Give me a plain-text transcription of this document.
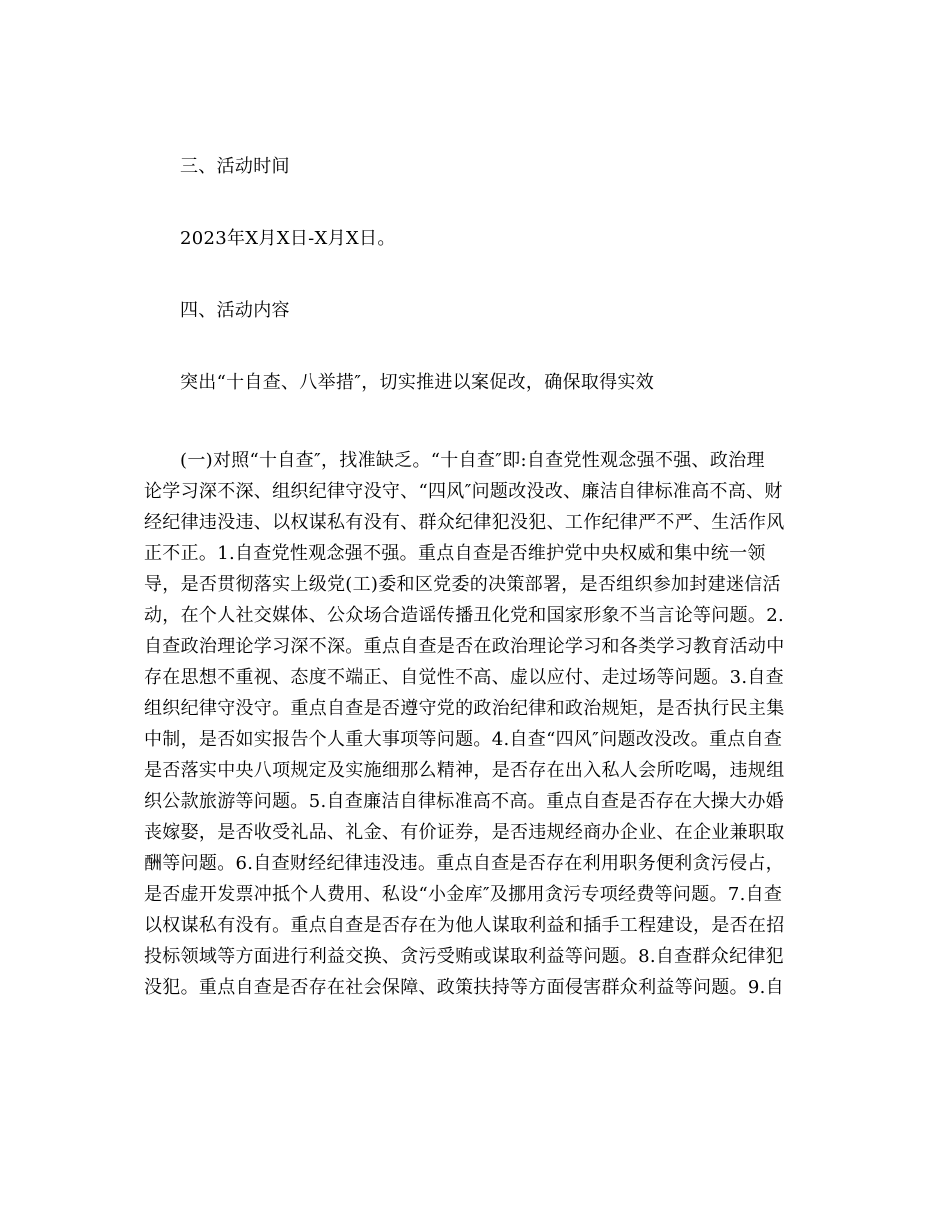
三、活动时间
2023年X月X日-X月X日。
四、活动内容
突出“十自查、八举措″，切实推进以案促改，确保取得实效
(一)对照“十自查″，找准缺乏。“十自查″即:自查党性观念强不强、政治理
论学习深不深、组织纪律守没守、“四风″问题改没改、廉洁自律标准高不高、财
经纪律违没违、以权谋私有没有、群众纪律犯没犯、工作纪律严不严、生活作风
正不正。1.自查党性观念强不强。重点自查是否维护党中央权威和集中统一领
导，是否贯彻落实上级党(工)委和区党委的决策部署，是否组织参加封建迷信活
动，在个人社交媒体、公众场合造谣传播丑化党和国家形象不当言论等问题。2.
自查政治理论学习深不深。重点自查是否在政治理论学习和各类学习教育活动中
存在思想不重视、态度不端正、自觉性不高、虚以应付、走过场等问题。3.自查
组织纪律守没守。重点自查是否遵守党的政治纪律和政治规矩，是否执行民主集
中制，是否如实报告个人重大事项等问题。4.自查“四风″问题改没改。重点自查
是否落实中央八项规定及实施细那么精神，是否存在出入私人会所吃喝，违规组
织公款旅游等问题。5.自查廉洁自律标准高不高。重点自查是否存在大操大办婚
丧嫁娶，是否收受礼品、礼金、有价证券，是否违规经商办企业、在企业兼职取
酬等问题。6.自查财经纪律违没违。重点自查是否存在利用职务便利贪污侵占，
是否虚开发票冲抵个人费用、私设“小金库″及挪用贪污专项经费等问题。7.自查
以权谋私有没有。重点自查是否存在为他人谋取利益和插手工程建设，是否在招
投标领域等方面进行利益交换、贪污受贿或谋取利益等问题。8.自查群众纪律犯
没犯。重点自查是否存在社会保障、政策扶持等方面侵害群众利益等问题。9.自
